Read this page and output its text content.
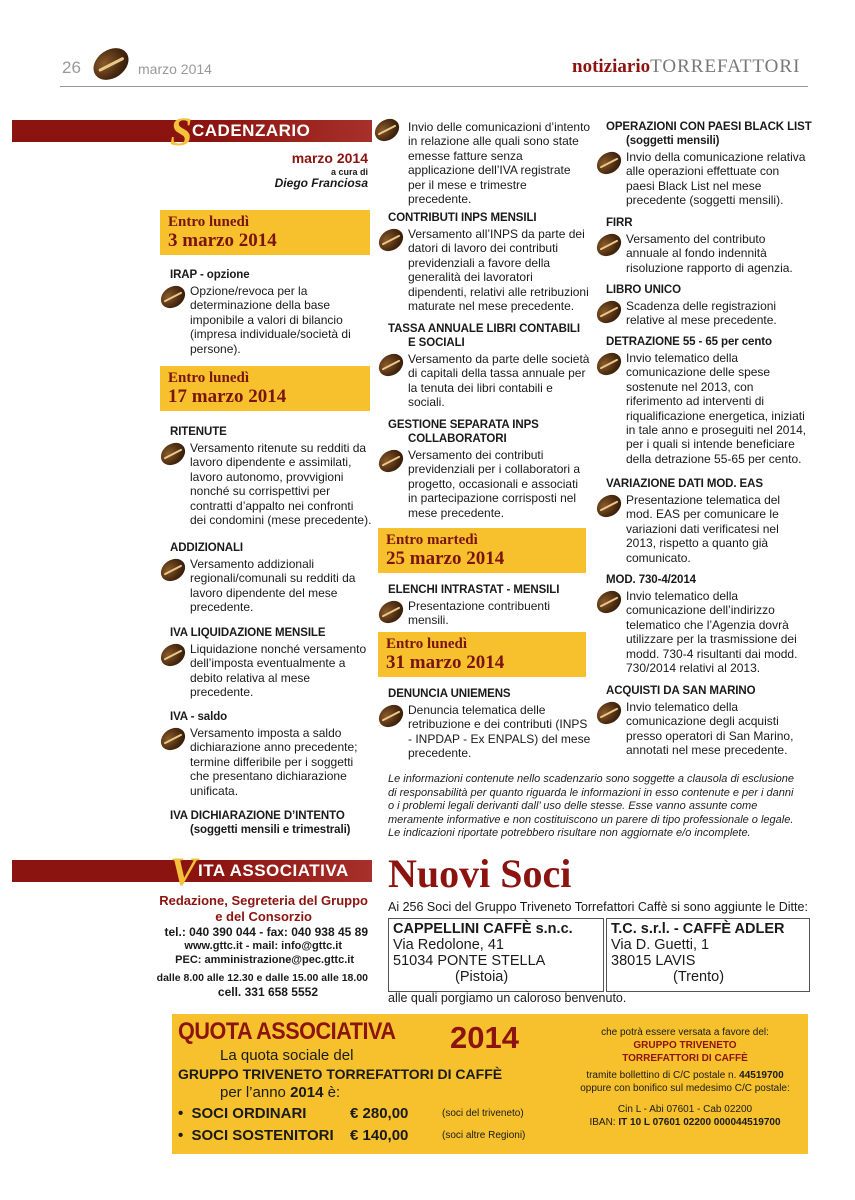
26	marzo 2014	notiziarioTORREFATTORI
S CADENZARIO FISCALE	marzo 2014
a cura di
Diego Franciosa
Entro lunedì
3 marzo 2014
IRAP - opzione
Opzione/revoca per la
determinazione della base
imponibile a valori di bilancio
(impresa individuale/società di
persone).
Entro lunedì
17 marzo 2014
RITENUTE
Versamento ritenute su redditi da
lavoro dipendente e assimilati,
lavoro autonomo, provvigioni
nonché su corrispettivi per
contratti d’appalto nei confronti
dei condomini (mese precedente).
ADDIZIONALI
Versamento addizionali
regionali/comunali su redditi da
lavoro dipendente del mese
precedente.
IVA LIQUIDAZIONE MENSILE
Liquidazione nonché versamento
dell’imposta eventualmente a
debito relativa al mese
precedente.
IVA - saldo
Versamento imposta a saldo
dichiarazione anno precedente;
termine differibile per i soggetti
che presentano dichiarazione
unificata.
IVA DICHIARAZIONE D’INTENTO
(soggetti mensili e trimestrali)
Invio delle comunicazioni d’intento
in relazione alle quali sono state
emesse fatture senza
applicazione dell’IVA registrate
per il mese e trimestre
precedente.
CONTRIBUTI INPS MENSILI
Versamento all’INPS da parte dei
datori di lavoro dei contributi
previdenziali a favore della
generalità dei lavoratori
dipendenti, relativi alle retribuzioni
maturate nel mese precedente.
TASSA ANNUALE LIBRI CONTABILI
E SOCIALI
Versamento da parte delle società
di capitali della tassa annuale per
la tenuta dei libri contabili e
sociali.
GESTIONE SEPARATA INPS
COLLABORATORI
Versamento dei contributi
previdenziali per i collaboratori a
progetto, occasionali e associati
in partecipazione corrisposti nel
mese precedente.
Entro martedì
25 marzo 2014
ELENCHI INTRASTAT - MENSILI
Presentazione contribuenti
mensili.
Entro lunedì
31 marzo 2014
DENUNCIA UNIEMENS
Denuncia telematica delle
retribuzione e dei contributi (INPS
- INPDAP - Ex ENPALS) del mese
precedente.
OPERAZIONI CON PAESI BLACK LIST
(soggetti mensili)
Invio della comunicazione relativa
alle operazioni effettuate con
paesi Black List nel mese
precedente (soggetti mensili).
FIRR
Versamento del contributo
annuale al fondo indennità
risoluzione rapporto di agenzia.
LIBRO UNICO
Scadenza delle registrazioni
relative al mese precedente.
DETRAZIONE 55 - 65 per cento
Invio telematico della
comunicazione delle spese
sostenute nel 2013, con
riferimento ad interventi di
riqualificazione energetica, iniziati
in tale anno e proseguiti nel 2014,
per i quali si intende beneficiare
della detrazione 55-65 per cento.
VARIAZIONE DATI MOD. EAS
Presentazione telematica del
mod. EAS per comunicare le
variazioni dati verificatesi nel
2013, rispetto a quanto già
comunicato.
MOD. 730-4/2014
Invio telematico della
comunicazione dell’indirizzo
telematico che l’Agenzia dovrà
utilizzare per la trasmissione dei
modd. 730-4 risultanti dai modd.
730/2014 relativi al 2013.
ACQUISTI DA SAN MARINO
Invio telematico della
comunicazione degli acquisti
presso operatori di San Marino,
annotati nel mese precedente.
Le informazioni contenute nello scadenzario sono soggette a clausola di esclusione
di responsabilità per quanto riguarda le informazioni in esso contenute e per i danni
o i problemi legali derivanti dall’ uso delle stesse. Esse vanno assunte come
meramente informative e non costituiscono un parere di tipo professionale o legale.
Le indicazioni riportate potrebbero risultare non aggiornate e/o incomplete.
V ITA ASSOCIATIVA
Redazione, Segreteria del Gruppo
e del Consorzio
tel.: 040 390 044 - fax: 040 938 45 89
www.gttc.it - mail: info@gttc.it
PEC: amministrazione@pec.gttc.it
dalle 8.00 alle 12.30 e dalle 15.00 alle 18.00
cell. 331 658 5552
Nuovi Soci
Ai 256 Soci del Gruppo Triveneto Torrefattori Caffè si sono aggiunte le Ditte:
CAPPELLINI CAFFÈ s.n.c.
Via Redolone, 41
51034 PONTE STELLA
(Pistoia)
T.C. s.r.l. - CAFFÈ ADLER
Via D. Guetti, 1
38015 LAVIS
(Trento)
alle quali porgiamo un caloroso benvenuto.
QUOTA ASSOCIATIVA 2014
La quota sociale del
GRUPPO TRIVENETO TORREFATTORI DI CAFFÈ
per l’anno 2014 è:
• SOCI ORDINARI	€ 280,00	(soci del triveneto)
• SOCI SOSTENITORI € 140,00	(soci altre Regioni)
che potrà essere versata a favore del:
GRUPPO TRIVENETO
TORREFATTORI DI CAFFÈ
tramite bollettino di C/C postale n. 44519700
oppure con bonifico sul medesimo C/C postale:
Cin L - Abi 07601 - Cab 02200
IBAN: IT 10 L 07601 02200 000044519700
